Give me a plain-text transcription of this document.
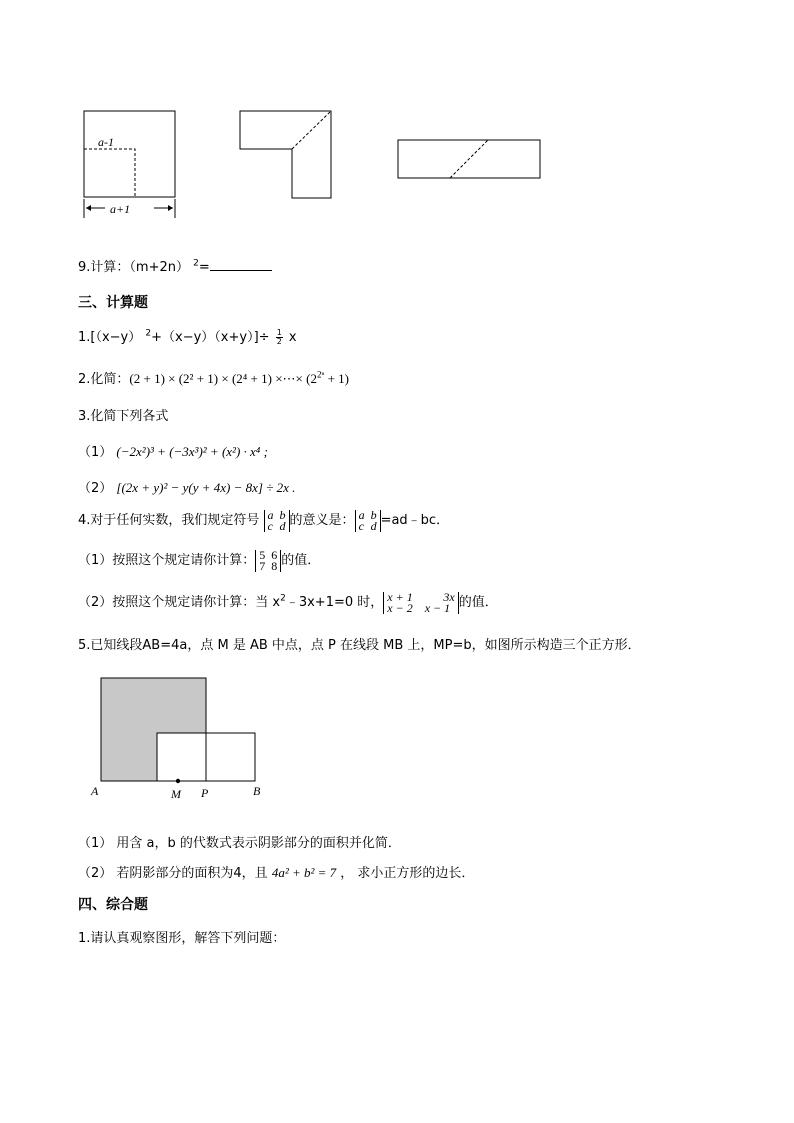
a-1
a+1
9.计算：（m+2n） $^2$=
三、计算题
1.[（x−y） $^2+(x-y)(x+y)]\div \frac{1}{2}$ x
2.化简：(2 + 1) × (2² + 1) × (2⁴ + 1) ×⋯× $(2^{2^n} + 1)$
3.化简下列各式
（1） (−2x²)³ + (−3x³)² + (x²) · x⁴ ;
（2） [(2x + y)² − y(y + 4x) − 8x] ÷ 2x .
4.对于任何实数，我们规定符号 a b
c d 的意义是： a b
c d =ad﹣bc．
（1）按照这个规定请你计算： 5 6
7 8 的值．
（2）按照这个规定请你计算：当 $x^2﹣3x+1=0$ 时， x + 1	3x
x − 2 x − 1 的值．
5.已知线段AB=4a，点 M 是 AB 中点，点 P 在线段 MB 上，MP=b，如图所示构造三个正方形．
A	M P	B
（1） 用含 a，b 的代数式表示阴影部分的面积并化简．
（2） 若阴影部分的面积为4，且 4a² + b² = 7 ， 求小正方形的边长．
四、综合题
1.请认真观察图形，解答下列问题：
